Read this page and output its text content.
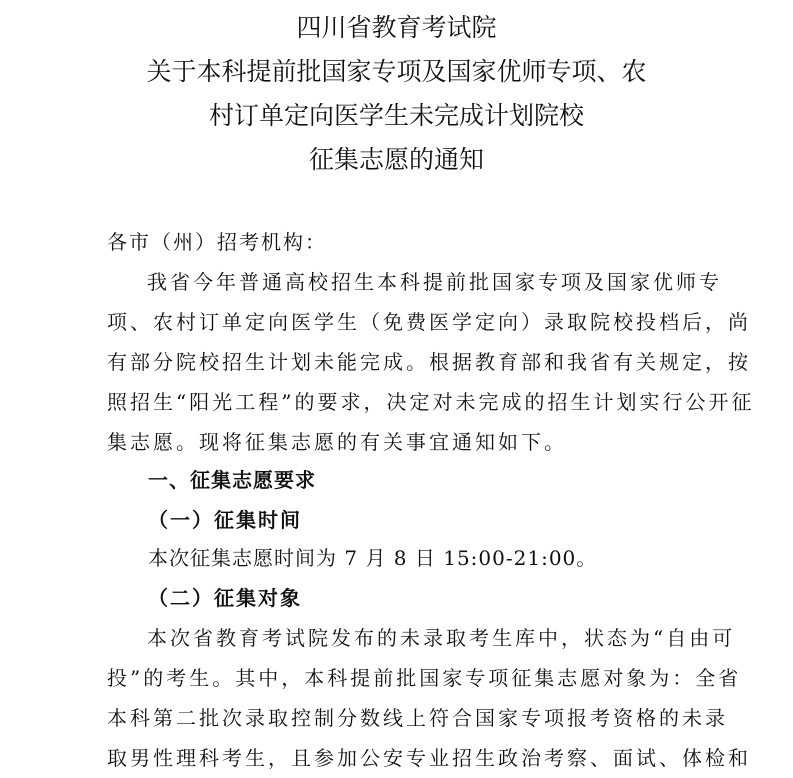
四川省教育考试院
关于本科提前批国家专项及国家优师专项、农
村订单定向医学生未完成计划院校
征集志愿的通知
各市（州）招考机构：
我省今年普通高校招生本科提前批国家专项及国家优师专
项、农村订单定向医学生（免费医学定向）录取院校投档后，尚
有部分院校招生计划未能完成。根据教育部和我省有关规定，按
照招生“阳光工程”的要求，决定对未完成的招生计划实行公开征
集志愿。现将征集志愿的有关事宜通知如下。
一、征集志愿要求
（一）征集时间
本次征集志愿时间为 7 月 8 日 15:00-21:00。
（二）征集对象
本次省教育考试院发布的未录取考生库中，状态为“自由可
投”的考生。其中，本科提前批国家专项征集志愿对象为：全省
本科第二批次录取控制分数线上符合国家专项报考资格的未录
取男性理科考生，且参加公安专业招生政治考察、面试、体检和
